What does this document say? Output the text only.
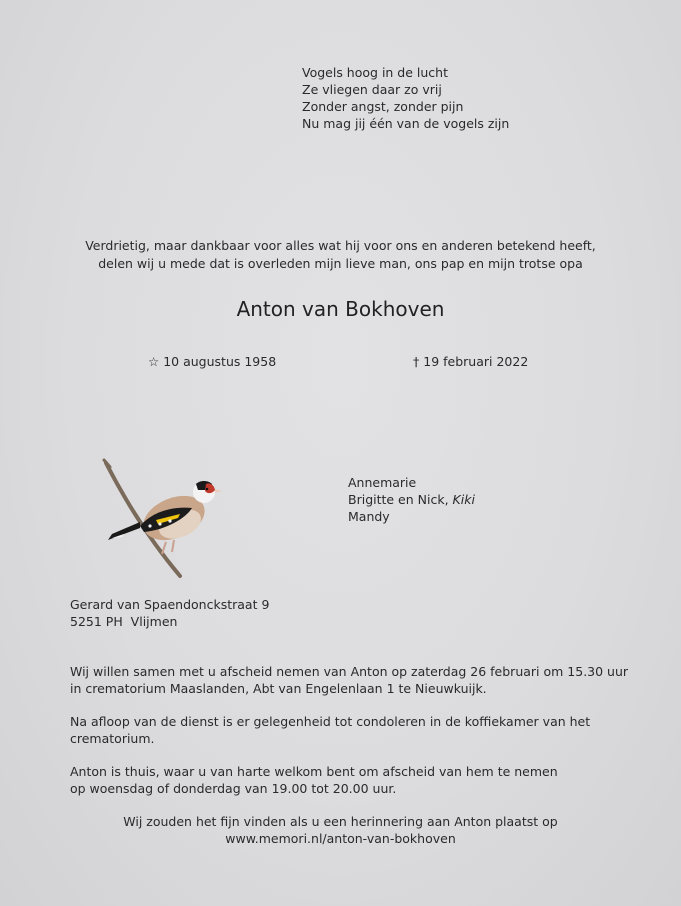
Vogels hoog in de lucht
Ze vliegen daar zo vrij
Zonder angst, zonder pijn
Nu mag jij één van de vogels zijn
Verdrietig, maar dankbaar voor alles wat hij voor ons en anderen betekend heeft,
delen wij u mede dat is overleden mijn lieve man, ons pap en mijn trotse opa
Anton van Bokhoven
☆ 10 augustus 1958	† 19 februari 2022
Annemarie
Brigitte en Nick, Kiki
Mandy
Gerard van Spaendonckstraat 9
5251 PH  Vlijmen
Wij willen samen met u afscheid nemen van Anton op zaterdag 26 februari om 15.30 uur
in crematorium Maaslanden, Abt van Engelenlaan 1 te Nieuwkuijk.
Na afloop van de dienst is er gelegenheid tot condoleren in de koffiekamer van het
crematorium.
Anton is thuis, waar u van harte welkom bent om afscheid van hem te nemen
op woensdag of donderdag van 19.00 tot 20.00 uur.
Wij zouden het fijn vinden als u een herinnering aan Anton plaatst op
www.memori.nl/anton-van-bokhoven
